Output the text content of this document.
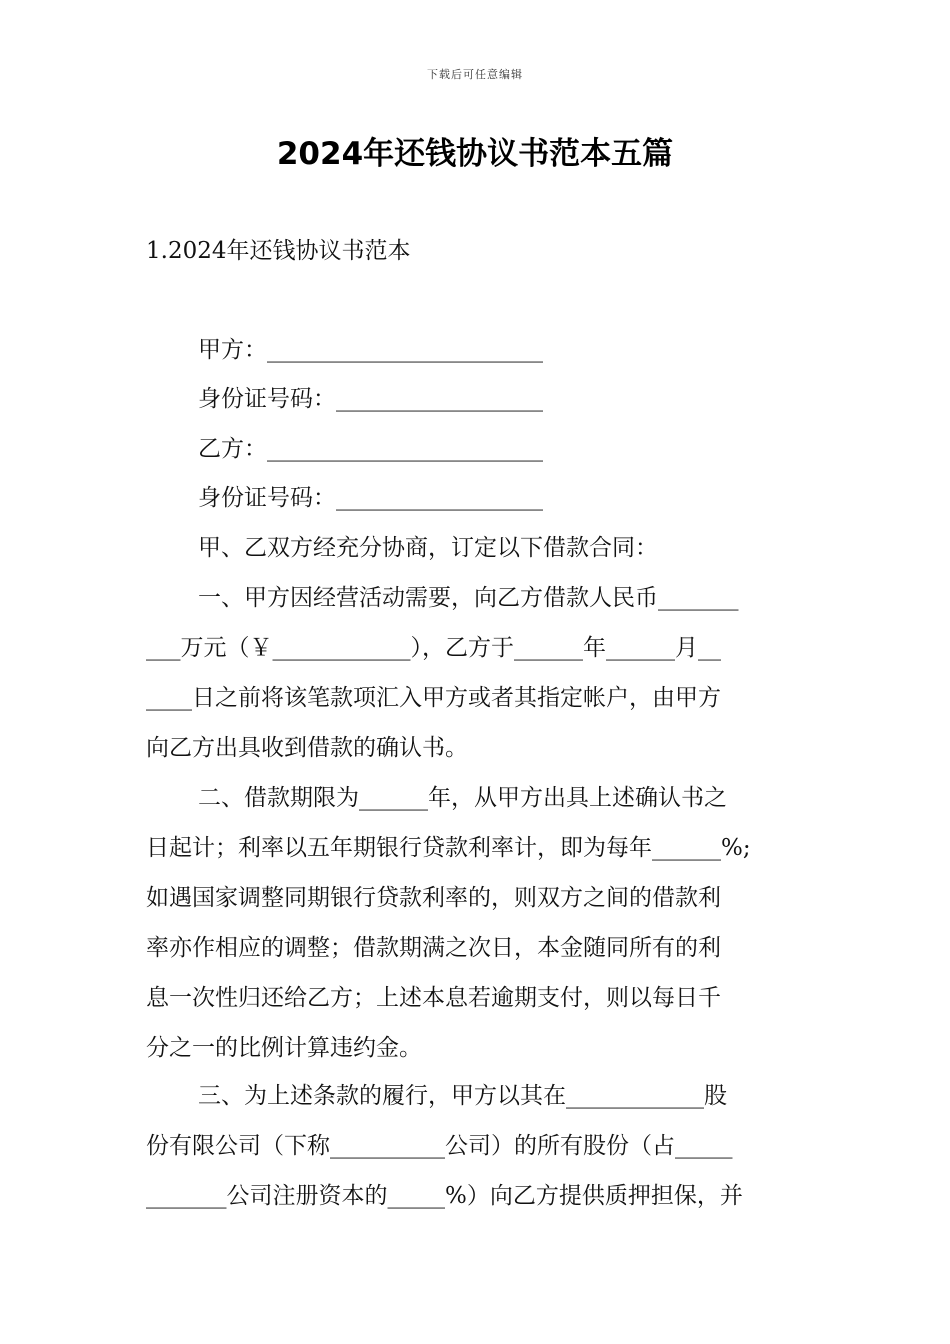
下载后可任意编辑
2024年还钱协议书范本五篇
1.2024年还钱协议书范本
甲方：________________________
身份证号码：__________________
乙方：________________________
身份证号码：__________________
甲、乙双方经充分协商，订定以下借款合同：
一、甲方因经营活动需要，向乙方借款人民币_______
___万元（￥____________），乙方于______年______月__
____日之前将该笔款项汇入甲方或者其指定帐户，由甲方
向乙方出具收到借款的确认书。
二、借款期限为______年，从甲方出具上述确认书之
日起计；利率以五年期银行贷款利率计，即为每年______%;
如遇国家调整同期银行贷款利率的，则双方之间的借款利
率亦作相应的调整；借款期满之次日，本金随同所有的利
息一次性归还给乙方；上述本息若逾期支付，则以每日千
分之一的比例计算违约金。
三、为上述条款的履行，甲方以其在____________股
份有限公司（下称__________公司）的所有股份（占_____
_______公司注册资本的_____%）向乙方提供质押担保，并
